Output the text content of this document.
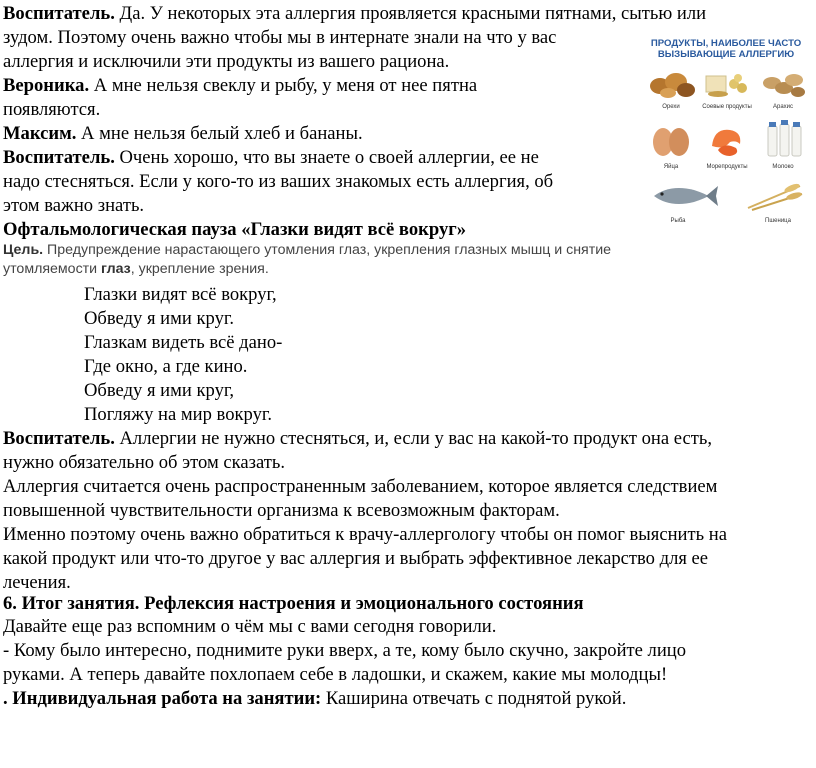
Воспитатель. Да. У некоторых эта аллергия проявляется красными пятнами, сытью или
зудом. Поэтому очень важно чтобы мы в интернате знали на что у вас
аллергия и исключили эти продукты из вашего рациона.
Вероника. А мне нельзя свеклу и рыбу, у меня от нее пятна
появляются.
Максим. А мне нельзя белый хлеб и бананы.
Воспитатель. Очень хорошо, что вы знаете о своей аллергии, ее не
надо стесняться. Если у кого-то из ваших знакомых есть аллергия, об
этом важно знать.
Офтальмологическая пауза «Глазки видят всё вокруг»
Цель. Предупреждение нарастающего утомления глаз, укрепления глазных мышц и снятие
утомляемости глаз, укрепление зрения.
Глазки видят всё вокруг,
Обведу я ими круг.
Глазкам видеть всё дано-
Где окно, а где кино.
Обведу я ими круг,
Погляжу на мир вокруг.
Воспитатель. Аллергии не нужно стесняться, и, если у вас на какой-то продукт она есть,
нужно обязательно об этом сказать.
Аллергия считается очень распространенным заболеванием, которое является следствием
повышенной чувствительности организма к всевозможным факторам.
Именно поэтому очень важно обратиться к врачу-аллергологу чтобы он помог выяснить на
какой продукт или что-то другое у вас аллергия и выбрать эффективное лекарство для ее
лечения.
6. Итог занятия. Рефлексия настроения и эмоционального состояния
Давайте еще раз вспомним о чём мы с вами сегодня говорили.
- Кому было интересно, поднимите руки вверх, а те, кому было скучно, закройте лицо
руками. А теперь давайте похлопаем себе в ладошки, и скажем, какие мы молодцы!
. Индивидуальная работа на занятии: Каширина отвечать с поднятой рукой.
ПРОДУКТЫ, НАИБОЛЕЕ ЧАСТО
ВЫЗЫВАЮЩИЕ АЛЛЕРГИЮ
Орехи	Соевые продукты	Арахис
Яйца	Морепродукты	Молоко
Рыба	Пшеница
